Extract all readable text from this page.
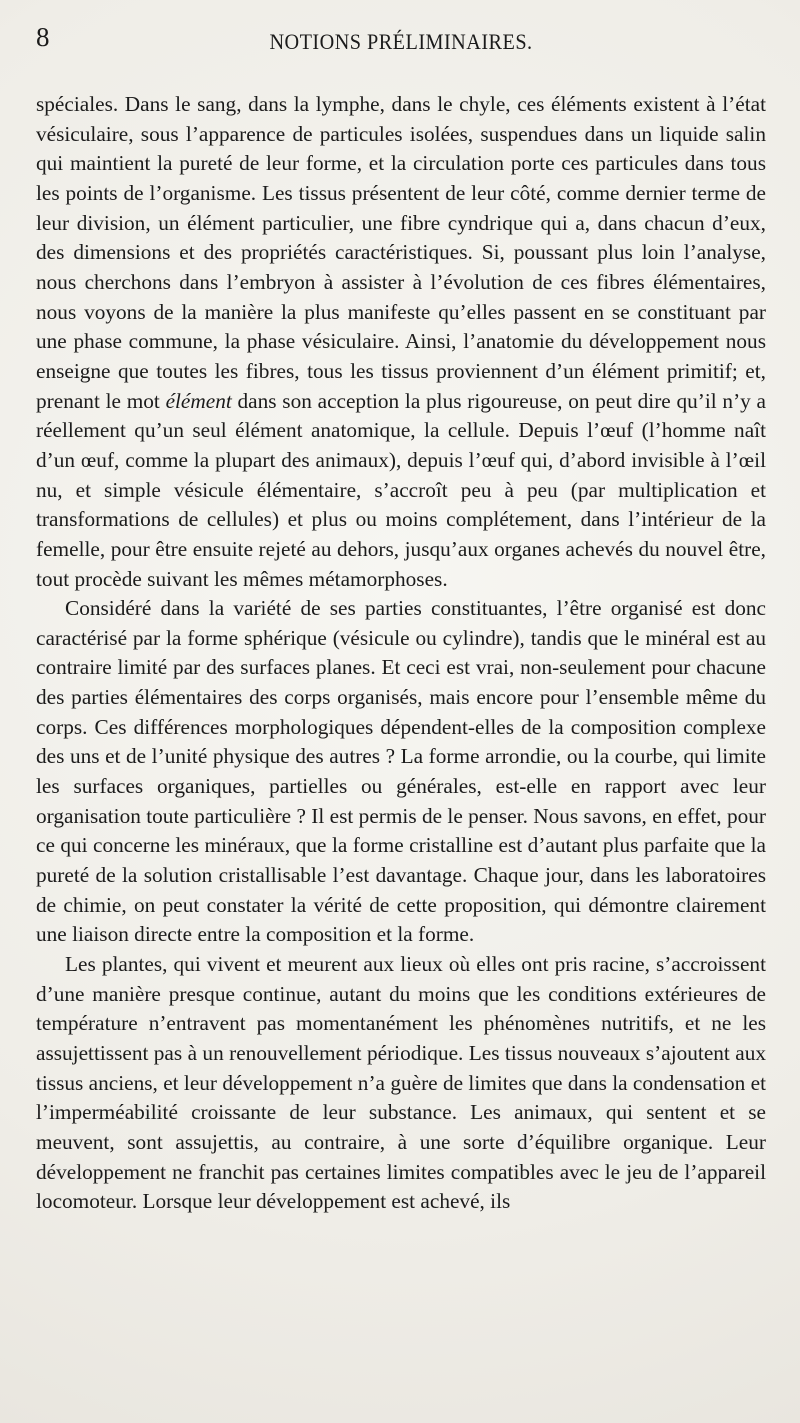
8	NOTIONS PRÉLIMINAIRES.

spéciales. Dans le sang, dans la lymphe, dans le chyle, ces éléments existent à l’état vésiculaire, sous l’apparence de particules isolées, suspendues dans un liquide salin qui maintient la pureté de leur forme, et la circulation porte ces particules dans tous les points de l’organisme. Les tissus présentent de leur côté, comme dernier terme de leur division, un élément particulier, une fibre cyndrique qui a, dans chacun d’eux, des dimensions et des propriétés caractéristiques. Si, poussant plus loin l’analyse, nous cherchons dans l’embryon à assister à l’évolution de ces fibres élémentaires, nous voyons de la manière la plus manifeste qu’elles passent en se constituant par une phase commune, la phase vésiculaire. Ainsi, l’anatomie du développement nous enseigne que toutes les fibres, tous les tissus proviennent d’un élément primitif; et, prenant le mot élément dans son acception la plus rigoureuse, on peut dire qu’il n’y a réellement qu’un seul élément anatomique, la cellule. Depuis l’œuf (l’homme naît d’un œuf, comme la plupart des animaux), depuis l’œuf qui, d’abord invisible à l’œil nu, et simple vésicule élémentaire, s’accroît peu à peu (par multiplication et transformations de cellules) et plus ou moins complétement, dans l’intérieur de la femelle, pour être ensuite rejeté au dehors, jusqu’aux organes achevés du nouvel être, tout procède suivant les mêmes métamorphoses.

Considéré dans la variété de ses parties constituantes, l’être organisé est donc caractérisé par la forme sphérique (vésicule ou cylindre), tandis que le minéral est au contraire limité par des surfaces planes. Et ceci est vrai, non-seulement pour chacune des parties élémentaires des corps organisés, mais encore pour l’ensemble même du corps. Ces différences morphologiques dépendent-elles de la composition complexe des uns et de l’unité physique des autres ? La forme arrondie, ou la courbe, qui limite les surfaces organiques, partielles ou générales, est-elle en rapport avec leur organisation toute particulière ? Il est permis de le penser. Nous savons, en effet, pour ce qui concerne les minéraux, que la forme cristalline est d’autant plus parfaite que la pureté de la solution cristallisable l’est davantage. Chaque jour, dans les laboratoires de chimie, on peut constater la vérité de cette proposition, qui démontre clairement une liaison directe entre la composition et la forme.

Les plantes, qui vivent et meurent aux lieux où elles ont pris racine, s’accroissent d’une manière presque continue, autant du moins que les conditions extérieures de température n’entravent pas momentanément les phénomènes nutritifs, et ne les assujettissent pas à un renouvellement périodique. Les tissus nouveaux s’ajoutent aux tissus anciens, et leur développement n’a guère de limites que dans la condensation et l’imperméabilité croissante de leur substance. Les animaux, qui sentent et se meuvent, sont assujettis, au contraire, à une sorte d’équilibre organique. Leur développement ne franchit pas certaines limites compatibles avec le jeu de l’appareil locomoteur. Lorsque leur développement est achevé, ils
